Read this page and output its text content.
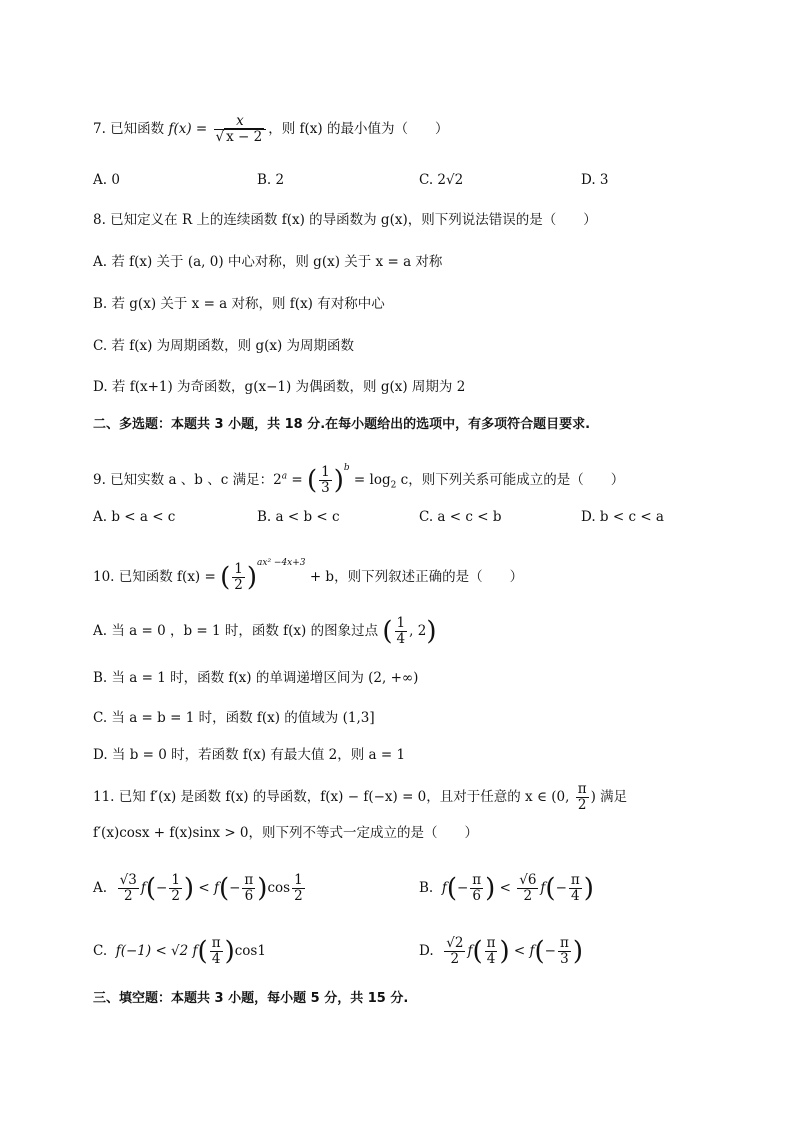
7. 已知函数 $f(x) = \frac{x}{√ x - 2}$ ，则 f(x) 的最小值为（　　）
A. 0	B. 2	C. 2√2	D. 3
8. 已知定义在 R 上的连续函数 f(x) 的导函数为 g(x)，则下列说法错误的是（　　）
A. 若 f(x) 关于 (a, 0) 中心对称，则 g(x) 关于 x = a 对称
B. 若 g(x) 关于 x = a 对称，则 f(x) 有对称中心
C. 若 f(x) 为周期函数，则 g(x) 为周期函数
D. 若 f(x+1) 为奇函数，g(x−1) 为偶函数，则 g(x) 周期为 2
二、多选题：本题共 3 小题，共 18 分.在每小题给出的选项中，有多项符合题目要求.
9. 已知实数 a 、b 、c 满足：$2^a$ = ( $\frac{1}{3} )^b = \log_2 c$，则下列关系可能成立的是（　　）
A. b < a < c	B. a < b < c	C. a < c < b	D. b < c < a
10. 已知函数 f(x) = ( $\frac{1}{2} )^{ax^2 -4x+3} + b$，则下列叙述正确的是（　　）
A. 当 a = 0 ，b = 1 时，函数 f(x) 的图象过点 ( $\frac{1}{4}$ , 2)
B. 当 a = 1 时，函数 f(x) 的单调递增区间为 (2, +∞)
C. 当 a = b = 1 时，函数 f(x) 的值域为 (1,3]
D. 当 b = 0 时，若函数 f(x) 有最大值 2，则 a = 1
11. 已知 f′(x) 是函数 f(x) 的导函数，f(x) − f(−x) = 0，且对于任意的 x ∈ (0, $\frac{\pi}{2}$ ) 满足
f′(x)cosx + f(x)sinx > 0，则下列不等式一定成立的是（　　）
A. $\frac{√3}{2} f(- \frac{1}{2}$ ) < $f(- \frac{\pi}{6} )\cos \frac{1}{2}$	B. $f(- \frac{\pi}{6}$ ) < $\frac{√6}{2} f(- \frac{\pi}{4}$ )
C. f(−1) < √2 $f( \frac{\pi}{4} )\cos 1$	D. $\frac{√2}{2} f( \frac{\pi}{4}$ ) < $f(- \frac{\pi}{3}$ )
三、填空题：本题共 3 小题，每小题 5 分，共 15 分.
